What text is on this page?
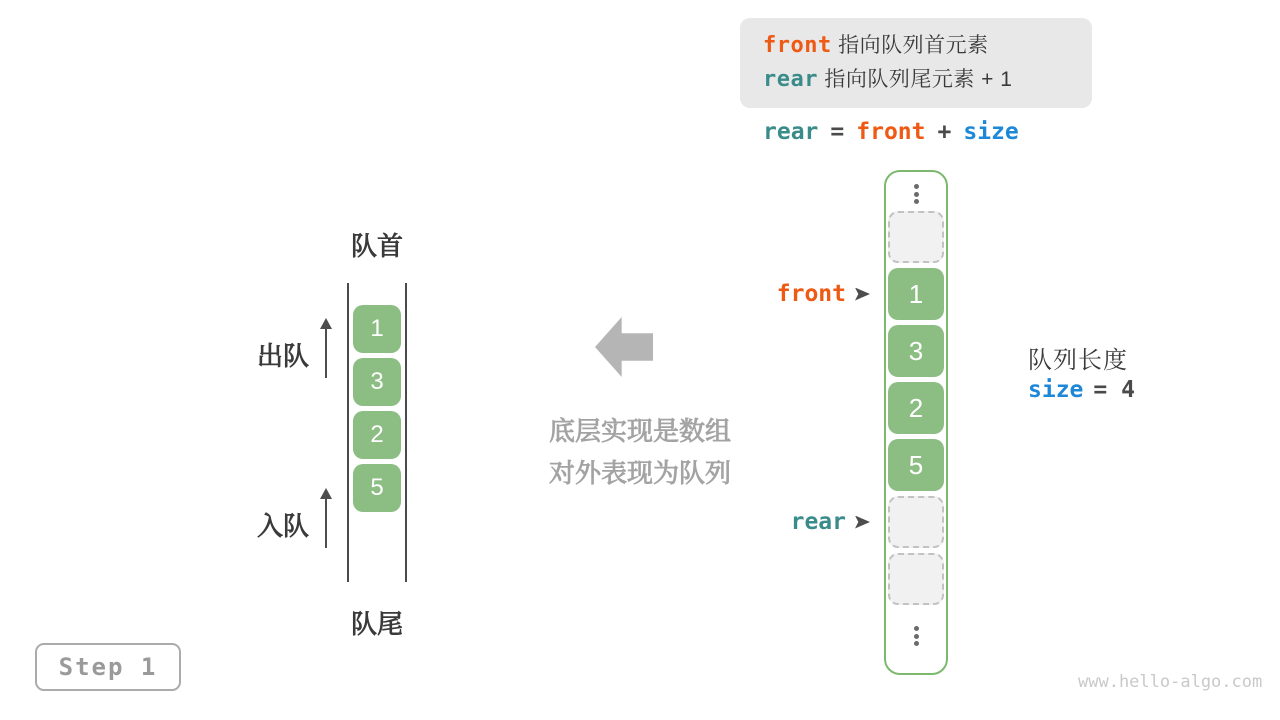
front 指向队列首元素
rear 指向队列尾元素 + 1
rear = front + size
队首
1
3
2
5
队尾
出队
入队
底层实现是数组
对外表现为队列
1
3
2
5
front
rear
队列长度
size = 4
Step 1
www.hello-algo.com
